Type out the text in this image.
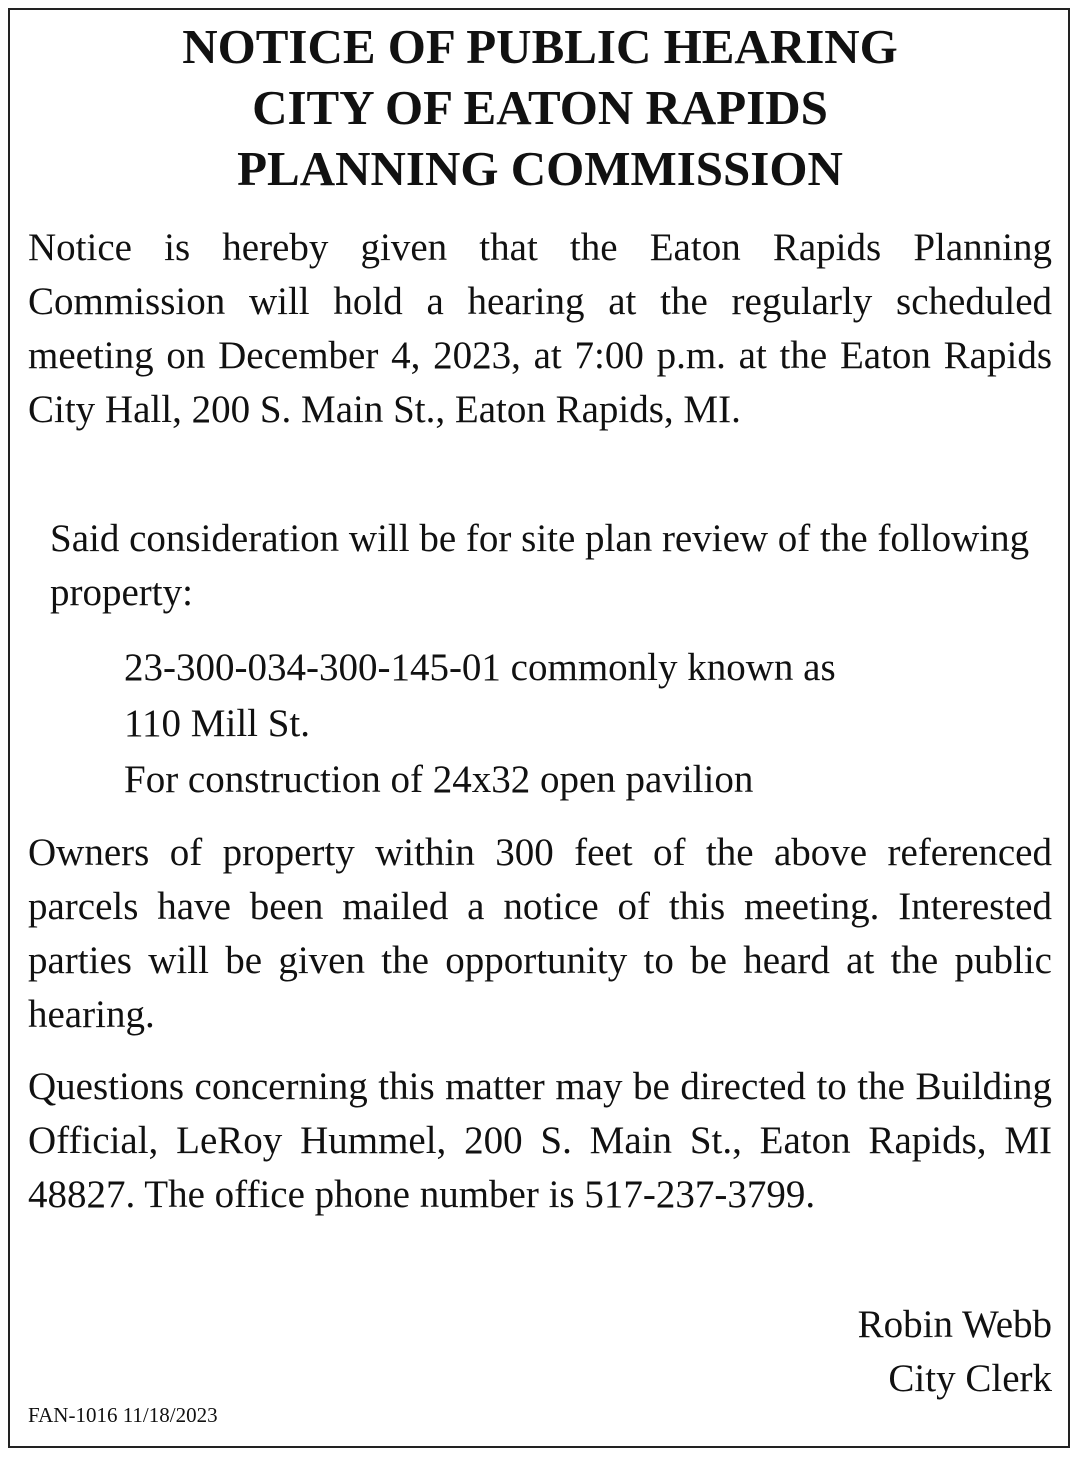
NOTICE OF PUBLIC HEARING
CITY OF EATON RAPIDS
PLANNING COMMISSION

Notice is hereby given that the Eaton Rapids Planning Commission will hold a hearing at the regularly scheduled meeting on December 4, 2023, at 7:00 p.m. at the Eaton Rapids City Hall, 200 S. Main St., Eaton Rapids, MI.

Said consideration will be for site plan review of the following property:

23-300-034-300-145-01 commonly known as
110 Mill St.
For construction of 24x32 open pavilion

Owners of property within 300 feet of the above referenced parcels have been mailed a notice of this meeting. Interested parties will be given the opportunity to be heard at the public hearing.

Questions concerning this matter may be directed to the Building Official, LeRoy Hummel, 200 S. Main St., Eaton Rapids, MI 48827. The office phone number is 517-237-3799.

Robin Webb
City Clerk
FAN-1016 11/18/2023
